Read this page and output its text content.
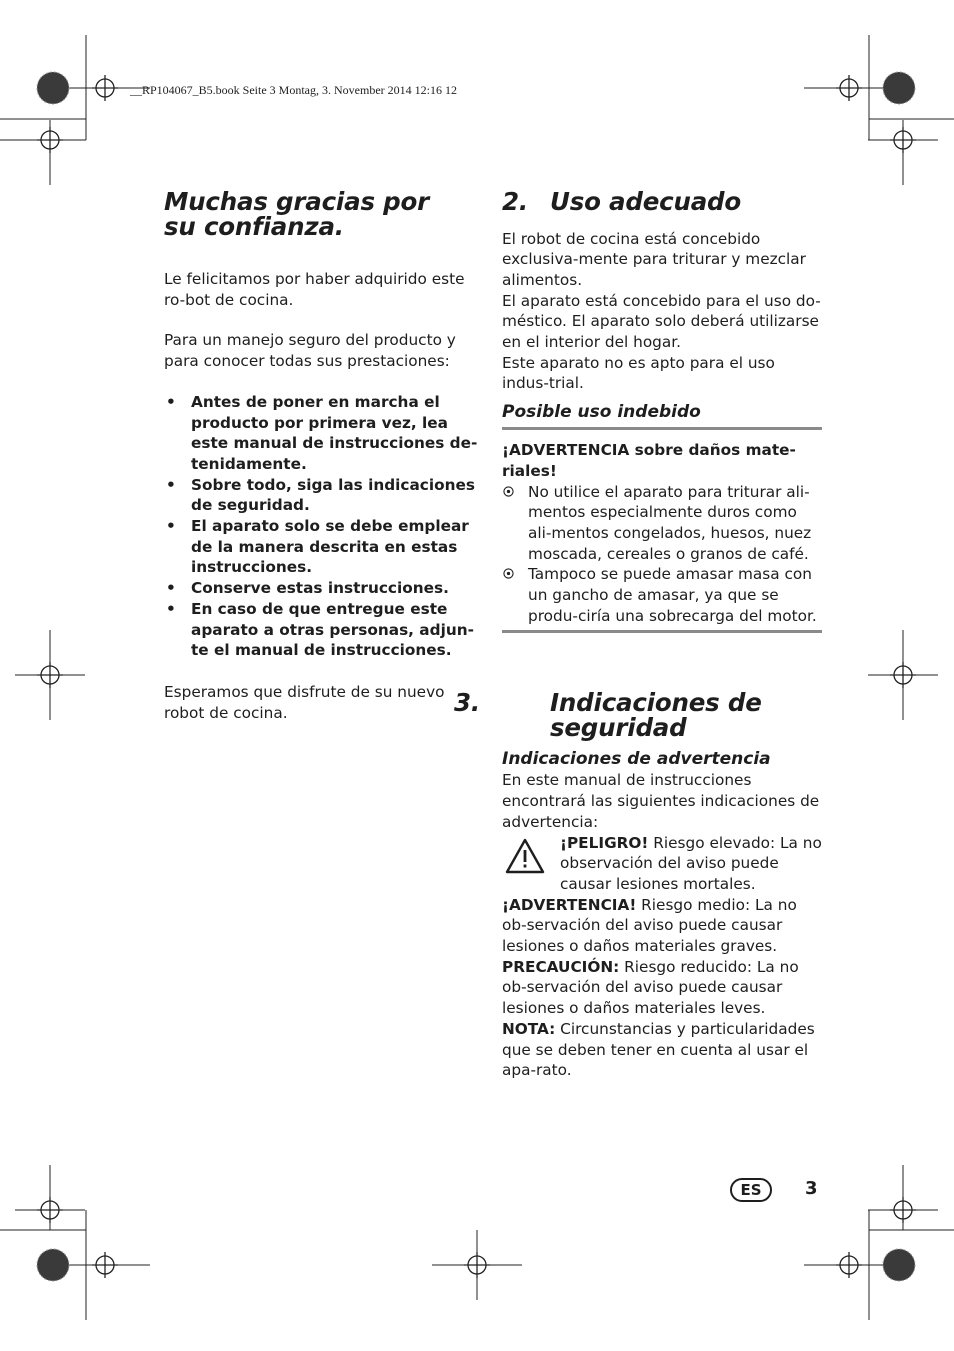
__RP104067_B5.book Seite 3 Montag, 3. November 2014 12:16 12
Muchas gracias por su confianza.

Le felicitamos por haber adquirido este ro-bot de cocina.

Para un manejo seguro del producto y para conocer todas sus prestaciones:

• Antes de poner en marcha el producto por primera vez, lea este manual de instrucciones de-tenidamente.
• Sobre todo, siga las indicaciones de seguridad.
• El aparato solo se debe emplear de la manera descrita en estas instrucciones.
• Conserve estas instrucciones.
• En caso de que entregue este aparato a otras personas, adjun-te el manual de instrucciones.

Esperamos que disfrute de su nuevo robot de cocina.

2. Uso adecuado

El robot de cocina está concebido exclusiva-mente para triturar y mezclar alimentos.

El aparato está concebido para el uso do-méstico. El aparato solo deberá utilizarse en el interior del hogar.

Este aparato no es apto para el uso indus-trial.

Posible uso indebido

¡ADVERTENCIA sobre daños mate-riales!

No utilice el aparato para triturar ali-mentos especialmente duros como ali-mentos congelados, huesos, nuez moscada, cereales o granos de café.
Tampoco se puede amasar masa con un gancho de amasar, ya que se produ-ciría una sobrecarga del motor.
3.	Indicaciones de
seguridad
Indicaciones de advertencia

En este manual de instrucciones encontrará las siguientes indicaciones de advertencia:

¡PELIGRO! Riesgo elevado: La no observación del aviso puede causar lesiones mortales.

¡ADVERTENCIA! Riesgo medio: La no ob-servación del aviso puede causar lesiones o daños materiales graves.

PRECAUCIÓN: Riesgo reducido: La no ob-servación del aviso puede causar lesiones o daños materiales leves.

NOTA: Circunstancias y particularidades que se deben tener en cuenta al usar el apa-rato.

ES	3
